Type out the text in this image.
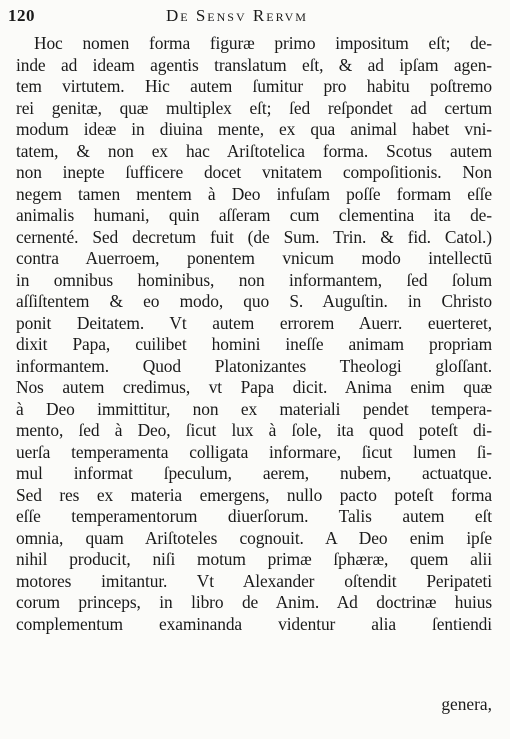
120	De Sensv Rervm
Hoc nomen forma figuræ primo impositum eſt; de-
inde ad ideam agentis translatum eſt, & ad ipſam agen-
tem virtutem. Hic autem ſumitur pro habitu poſtremo
rei genitæ, quæ multiplex eſt; ſed reſpondet ad certum
modum ideæ in diuina mente, ex qua animal habet vni-
tatem, & non ex hac Ariſtotelica forma. Scotus autem
non inepte ſufficere docet vnitatem compoſitionis. Non
negem tamen mentem à Deo infuſam poſſe formam eſſe
animalis humani, quin aſſeram cum clementina ita de-
cernenté. Sed decretum fuit (de Sum. Trin. & fid. Catol.)
contra Auerroem, ponentem vnicum modo intellectū
in omnibus hominibus, non informantem, ſed ſolum
aſſiſtentem & eo modo, quo S. Auguſtin. in Christo
ponit Deitatem. Vt autem errorem Auerr. euerteret,
dixit Papa, cuilibet homini ineſſe animam propriam
informantem. Quod Platonizantes Theologi gloſſant.
Nos autem credimus, vt Papa dicit. Anima enim quæ
à Deo immittitur, non ex materiali pendet tempera-
mento, ſed à Deo, ſicut lux à ſole, ita quod poteſt di-
uerſa temperamenta colligata informare, ſicut lumen ſi-
mul informat ſpeculum, aerem, nubem, actuatque.
Sed res ex materia emergens, nullo pacto poteſt forma
eſſe temperamentorum diuerſorum. Talis autem eſt
omnia, quam Ariſtoteles cognouit. A Deo enim ipſe
nihil producit, niſi motum primæ ſphæræ, quem alii
motores imitantur. Vt Alexander oſtendit Peripateti
corum princeps, in libro de Anim. Ad doctrinæ huius
complementum examinanda videntur alia ſentiendi
genera,
